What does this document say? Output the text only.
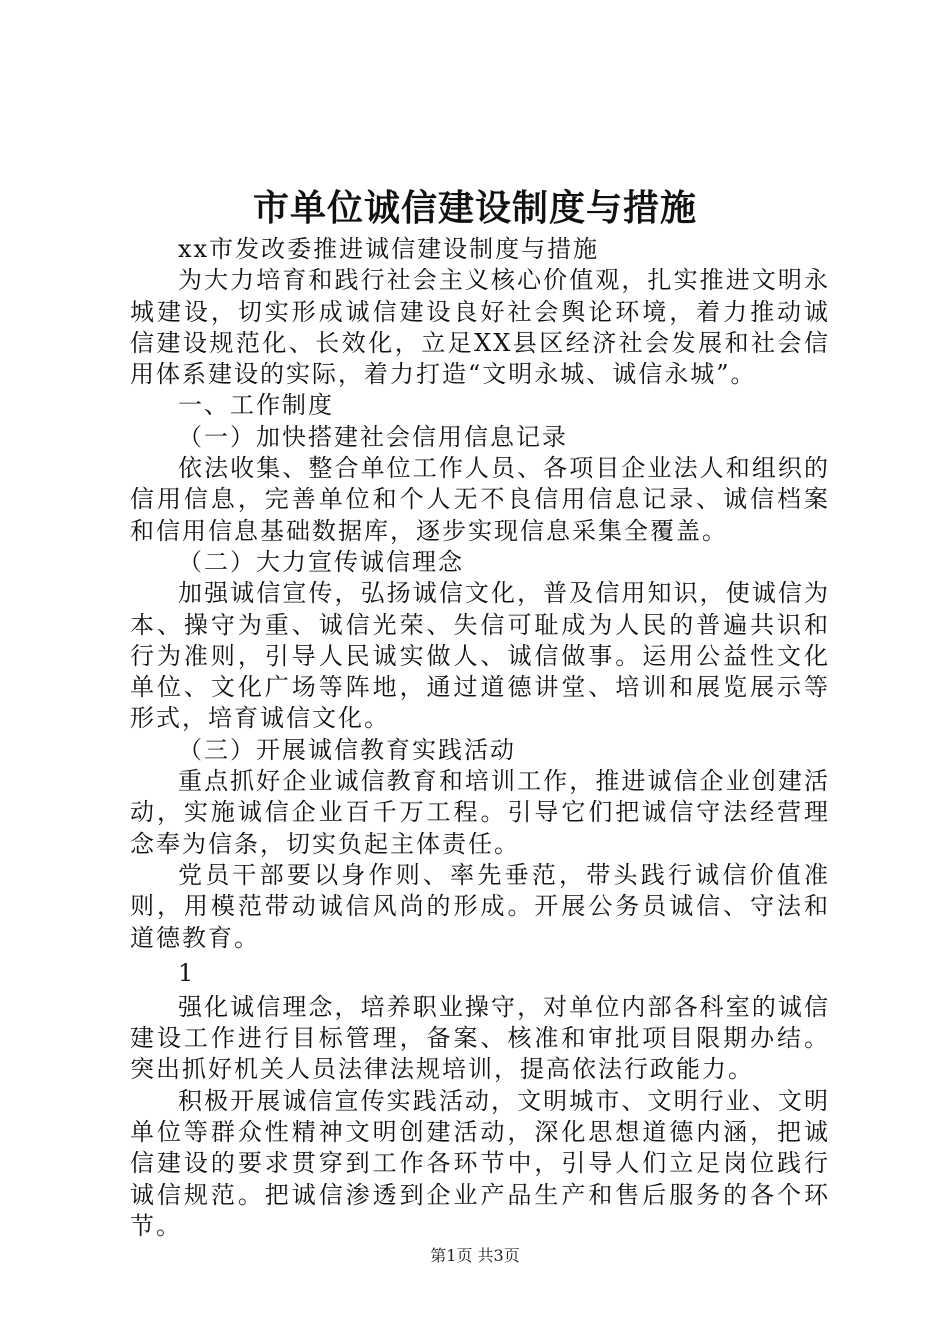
市单位诚信建设制度与措施

xx市发改委推进诚信建设制度与措施

为大力培育和践行社会主义核心价值观，扎实推进文明永城建设，切实形成诚信建设良好社会舆论环境，着力推动诚信建设规范化、长效化，立足XX县区经济社会发展和社会信用体系建设的实际，着力打造“文明永城、诚信永城”。

一、工作制度

（一）加快搭建社会信用信息记录

依法收集、整合单位工作人员、各项目企业法人和组织的信用信息，完善单位和个人无不良信用信息记录、诚信档案和信用信息基础数据库，逐步实现信息采集全覆盖。

（二）大力宣传诚信理念

加强诚信宣传，弘扬诚信文化，普及信用知识，使诚信为本、操守为重、诚信光荣、失信可耻成为人民的普遍共识和行为准则，引导人民诚实做人、诚信做事。运用公益性文化单位、文化广场等阵地，通过道德讲堂、培训和展览展示等形式，培育诚信文化。

（三）开展诚信教育实践活动

重点抓好企业诚信教育和培训工作，推进诚信企业创建活动，实施诚信企业百千万工程。引导它们把诚信守法经营理念奉为信条，切实负起主体责任。

党员干部要以身作则、率先垂范，带头践行诚信价值准则，用模范带动诚信风尚的形成。开展公务员诚信、守法和道德教育。

1

强化诚信理念，培养职业操守，对单位内部各科室的诚信建设工作进行目标管理，备案、核准和审批项目限期办结。突出抓好机关人员法律法规培训，提高依法行政能力。

积极开展诚信宣传实践活动，文明城市、文明行业、文明单位等群众性精神文明创建活动，深化思想道德内涵，把诚信建设的要求贯穿到工作各环节中，引导人们立足岗位践行诚信规范。把诚信渗透到企业产品生产和售后服务的各个环节。

第1页 共3页
